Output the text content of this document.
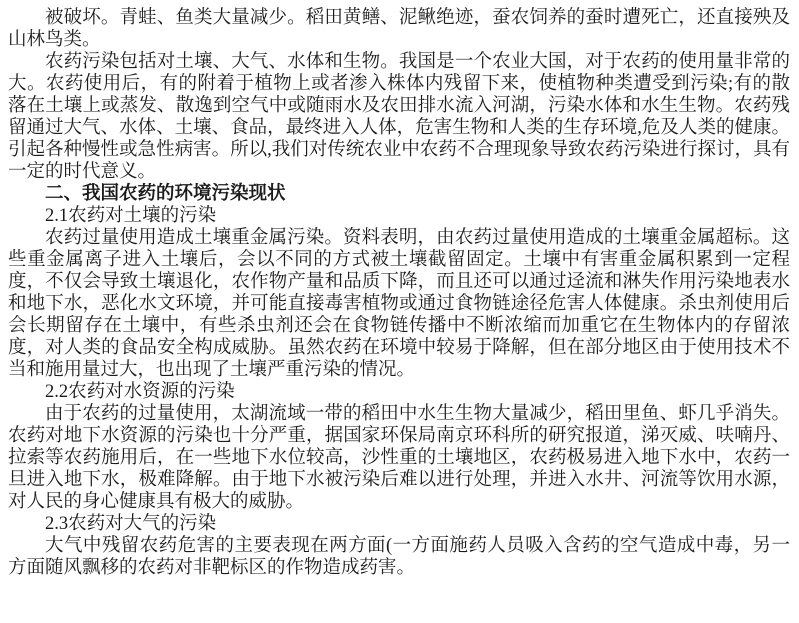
被破坏。青蛙、鱼类大量减少。稻田黄鳝、泥鳅绝迹，蚕农饲养的蚕时遭死亡，还直接殃及山林鸟类。

农药污染包括对土壤、大气、水体和生物。我国是一个农业大国，对于农药的使用量非常的大。农药使用后，有的附着于植物上或者渗入株体内残留下来，使植物种类遭受到污染;有的散落在土壤上或蒸发、散逸到空气中或随雨水及农田排水流入河湖，污染水体和水生生物。农药残留通过大气、水体、土壤、食品，最终进入人体，危害生物和人类的生存环境,危及人类的健康。引起各种慢性或急性病害。所以,我们对传统农业中农药不合理现象导致农药污染进行探讨，具有一定的时代意义。

二、我国农药的环境污染现状

2.1农药对土壤的污染

农药过量使用造成土壤重金属污染。资料表明，由农药过量使用造成的土壤重金属超标。这些重金属离子进入土壤后，会以不同的方式被土壤截留固定。土壤中有害重金属积累到一定程度，不仅会导致土壤退化，农作物产量和品质下降，而且还可以通过迳流和淋失作用污染地表水和地下水，恶化水文环境，并可能直接毒害植物或通过食物链途径危害人体健康。杀虫剂使用后会长期留存在土壤中，有些杀虫剂还会在食物链传播中不断浓缩而加重它在生物体内的存留浓度，对人类的食品安全构成威胁。虽然农药在环境中较易于降解，但在部分地区由于使用技术不当和施用量过大，也出现了土壤严重污染的情况。

2.2农药对水资源的污染

由于农药的过量使用，太湖流域一带的稻田中水生生物大量减少，稻田里鱼、虾几乎消失。农药对地下水资源的污染也十分严重，据国家环保局南京环科所的研究报道，涕灭威、呋喃丹、拉索等农药施用后，在一些地下水位较高，沙性重的土壤地区，农药极易进入地下水中，农药一旦进入地下水，极难降解。由于地下水被污染后难以进行处理，并进入水井、河流等饮用水源，对人民的身心健康具有极大的威胁。

2.3农药对大气的污染

大气中残留农药危害的主要表现在两方面(一方面施药人员吸入含药的空气造成中毒，另一方面随风飘移的农药对非靶标区的作物造成药害。
